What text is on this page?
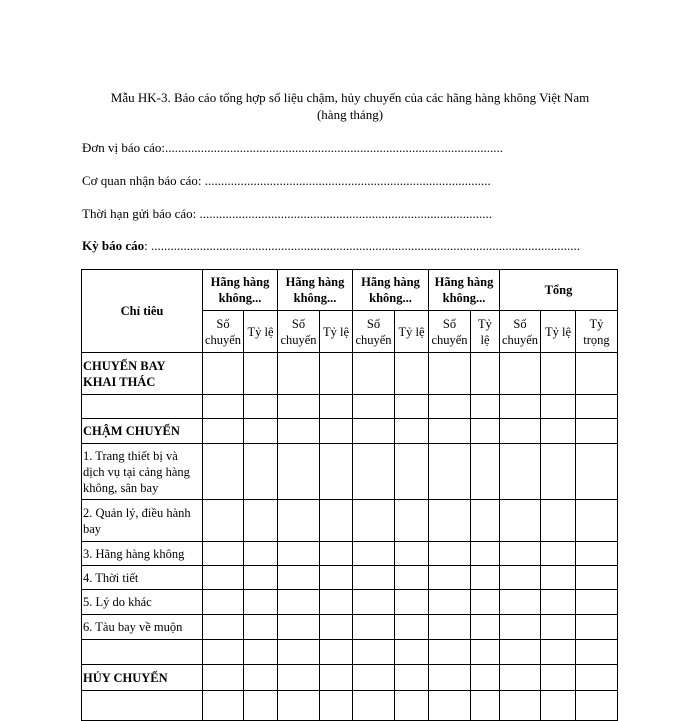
Mẫu HK-3. Báo cáo tổng hợp số liệu chậm, hủy chuyến của các hãng hàng không Việt Nam
(hàng tháng)
Đơn vị báo cáo:........................................................................................................
Cơ quan nhận báo cáo: ........................................................................................
Thời hạn gửi báo cáo: ..........................................................................................
Kỳ báo cáo: ....................................................................................................................................
Chỉ tiêu	Hãng hàng không...		Hãng hàng không...		Hãng hàng không...		Hãng hàng không...		Tổng		
	Số chuyến	Tỷ lệ	Số chuyến	Tỷ lệ	Số chuyến	Tỷ lệ	Số chuyến	Tỷ lệ	Số chuyến	Tỷ lệ	Tỷ trọng
CHUYẾN BAY KHAI THÁC											

CHẬM CHUYẾN											
1. Trang thiết bị và dịch vụ tại cảng hàng không, sân bay											
2. Quản lý, điều hành bay											
3. Hãng hàng không											
4. Thời tiết											
5. Lý do khác											
6. Tàu bay về muộn											

HỦY CHUYẾN											
